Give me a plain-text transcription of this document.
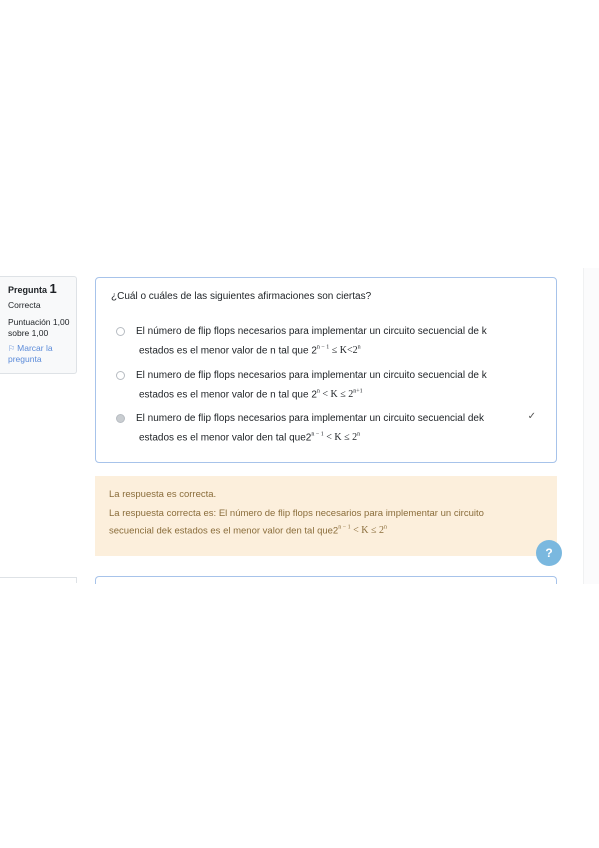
Pregunta 1
Correcta
Puntuación 1,00
sobre 1,00
⚐ Marcar la
pregunta
¿Cuál o cuáles de las siguientes afirmaciones son ciertas?
El número de flip flops necesarios para implementar un circuito secuencial de k
estados es el menor valor de n tal que $2^{n - 1} \le K<2^n$
El numero de flip flops necesarios para implementar un circuito secuencial de k
estados es el menor valor de n tal que $2^n < K \le 2^{n+1}$
El numero de flip flops necesarios para implementar un circuito secuencial dek
estados es el menor valor den tal $que2^{n - 1} < K \le 2^n$
✓
La respuesta es correcta.
La respuesta correcta es: El número de flip flops necesarios para implementar un circuito
secuencial dek estados es el menor valor den tal $que2^{n - 1} < K \le 2^n$
?
